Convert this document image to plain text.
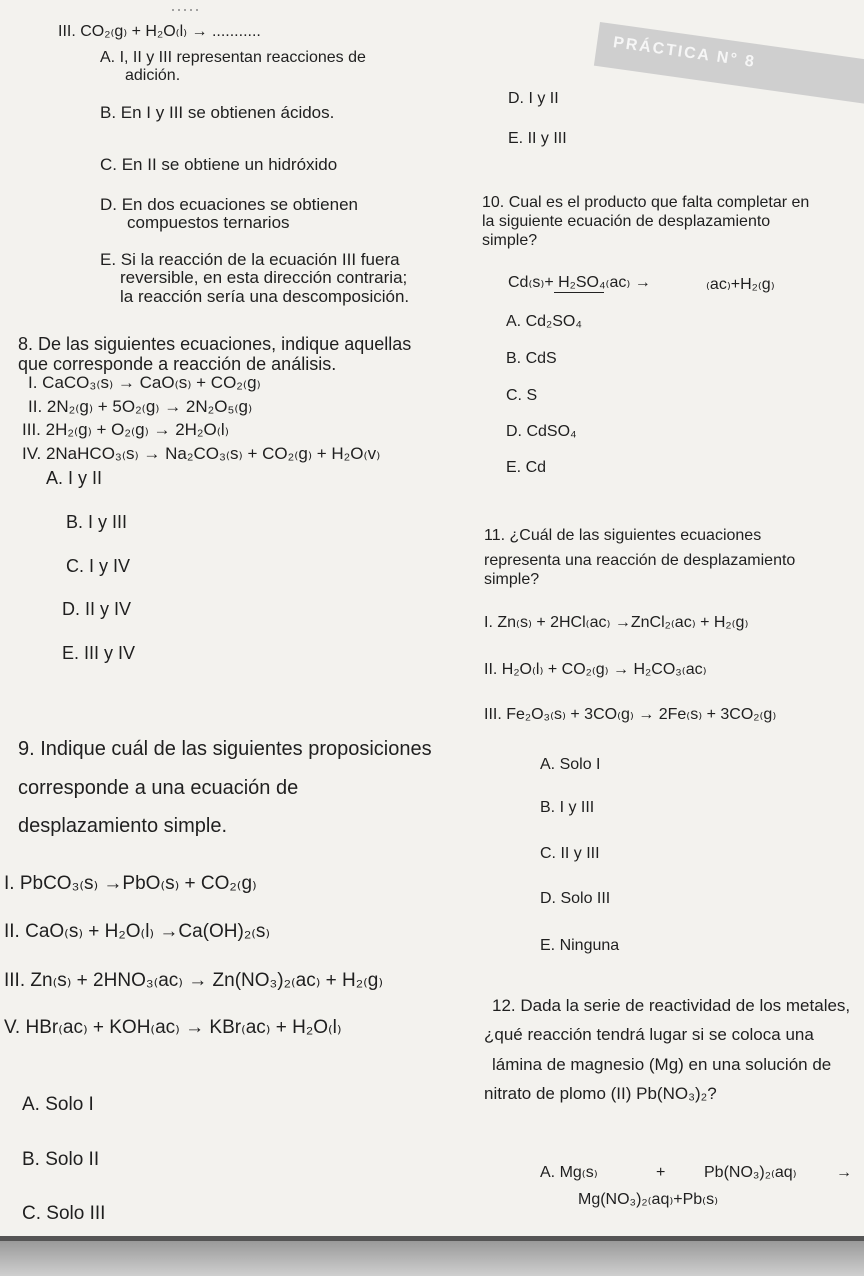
PRÁCTICA N° 8
III. CO₂₍g₎ + H₂O₍l₎ → ...........
A. I, II y III representan reacciones de
adición.
B. En I y III se obtienen ácidos.
C. En II se obtiene un hidróxido
D. En dos ecuaciones se obtienen
compuestos ternarios
E. Si la reacción de la ecuación III fuera
reversible, en esta dirección contraria;
la reacción sería una descomposición.
8. De las siguientes ecuaciones, indique aquellas
que corresponde a reacción de análisis.
I. CaCO₃₍s₎ → CaO₍s₎ + CO₂₍g₎
II. 2N₂₍g₎ + 5O₂₍g₎ → 2N₂O₅₍g₎
III. 2H₂₍g₎ + O₂₍g₎ → 2H₂O₍l₎
IV. 2NaHCO₃₍s₎ → Na₂CO₃₍s₎ + CO₂₍g₎ + H₂O₍v₎
A. I y II
B. I y III
C. I y IV
D. II y IV
E. III y IV
9. Indique cuál de las siguientes proposiciones
corresponde a una ecuación de
desplazamiento simple.
I. PbCO₃₍s₎ →PbO₍s₎ + CO₂₍g₎
II. CaO₍s₎ + H₂O₍l₎ →Ca(OH)₂₍s₎
III. Zn₍s₎ + 2HNO₃₍ac₎ → Zn(NO₃)₂₍ac₎ + H₂₍g₎
V. HBr₍ac₎ + KOH₍ac₎ → KBr₍ac₎ + H₂O₍l₎
A. Solo I
B. Solo II
C. Solo III
D. I y II
E. II y III
10. Cual es el producto que falta completar en
la siguiente ecuación de desplazamiento
simple?
Cd₍s₎+ H₂SO₄₍ac₎ →	₍ac₎+H₂₍g₎
A. Cd₂SO₄
B. CdS
C. S
D. CdSO₄
E. Cd
11. ¿Cuál de las siguientes ecuaciones
representa una reacción de desplazamiento
simple?
I. Zn₍s₎ + 2HCl₍ac₎ →ZnCl₂₍ac₎ + H₂₍g₎
II. H₂O₍l₎ + CO₂₍g₎ → H₂CO₃₍ac₎
III. Fe₂O₃₍s₎ + 3CO₍g₎ → 2Fe₍s₎ + 3CO₂₍g₎
A. Solo I
B. I y III
C. II y III
D. Solo III
E. Ninguna
12. Dada la serie de reactividad de los metales,
¿qué reacción tendrá lugar si se coloca una
lámina de magnesio (Mg) en una solución de
nitrato de plomo (II) Pb(NO₃)₂?
A. Mg₍s₎	+ Pb(NO₃)₂₍aq₎ →
Mg(NO₃)₂₍aq₎+Pb₍s₎
